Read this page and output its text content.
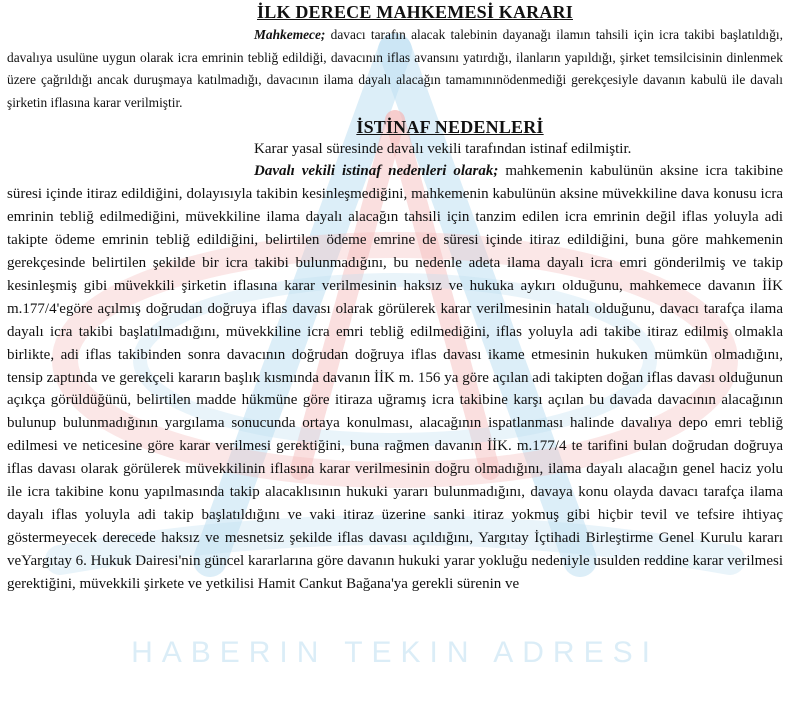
HABERIN TEKIN ADRESI
İLK DERECE MAHKEMESİ KARARI

Mahkemece; davacı tarafın alacak talebinin dayanağı ilamın tahsili için icra takibi başlatıldığı, davalıya usulüne uygun olarak icra emrinin tebliğ edildiği, davacının iflas avansını yatırdığı, ilanların yapıldığı, şirket temsilcisinin dinlenmek üzere çağrıldığı ancak duruşmaya katılmadığı, davacının ilama dayalı alacağın tamamınınödenmediği gerekçesiyle davanın kabulü ile davalı şirketin iflasına karar verilmiştir.

İSTİNAF NEDENLERİ

Karar yasal süresinde davalı vekili tarafından istinaf edilmiştir.

Davalı vekili istinaf nedenleri olarak; mahkemenin kabulünün aksine icra takibine süresi içinde itiraz edildiğini, dolayısıyla takibin kesinleşmediğini, mahkemenin kabulünün aksine müvekkiline dava konusu icra emrinin tebliğ edilmediğini, müvekkiline ilama dayalı alacağın tahsili için tanzim edilen icra emrinin değil iflas yoluyla adi takipte ödeme emrinin tebliğ edildiğini, belirtilen ödeme emrine de süresi içinde itiraz edildiğini, buna göre mahkemenin gerekçesinde belirtilen şekilde bir icra takibi bulunmadığını, bu nedenle adeta ilama dayalı icra emri gönderilmiş ve takip kesinleşmiş gibi müvekkili şirketin iflasına karar verilmesinin haksız ve hukuka aykırı olduğunu, mahkemece davanın İİK m.177/4'egöre açılmış doğrudan doğruya iflas davası olarak görülerek karar verilmesinin hatalı olduğunu, davacı tarafça ilama dayalı icra takibi başlatılmadığını, müvekkiline icra emri tebliğ edilmediğini, iflas yoluyla adi takibe itiraz edilmiş olmakla birlikte, adi iflas takibinden sonra davacının doğrudan doğruya iflas davası ikame etmesinin hukuken mümkün olmadığını, tensip zaptında ve gerekçeli kararın başlık kısmında davanın İİK m. 156 ya göre açılan adi takipten doğan iflas davası olduğunun açıkça görüldüğünü, belirtilen madde hükmüne göre itiraza uğramış icra takibine karşı açılan bu davada davacının alacağının bulunup bulunmadığının yargılama sonucunda ortaya konulması, alacağının ispatlanması halinde davalıya depo emri tebliğ edilmesi ve neticesine göre karar verilmesi gerektiğini, buna rağmen davanın İİK. m.177/4 te tarifini bulan doğrudan doğruya iflas davası olarak görülerek müvekkilinin iflasına karar verilmesinin doğru olmadığını, ilama dayalı alacağın genel haciz yolu ile icra takibine konu yapılmasında takip alacaklısının hukuki yararı bulunmadığını, davaya konu olayda davacı tarafça ilama dayalı iflas yoluyla adi takip başlatıldığını ve vaki itiraz üzerine sanki itiraz yokmuş gibi hiçbir tevil ve tefsire ihtiyaç göstermeyecek derecede haksız ve mesnetsiz şekilde iflas davası açıldığını, Yargıtay İçtihadi Birleştirme Genel Kurulu kararı veYargıtay 6. Hukuk Dairesi'nin güncel kararlarına göre davanın hukuki yarar yokluğu nedeniyle usulden reddine karar verilmesi gerektiğini, müvekkili şirkete ve yetkilisi Hamit Cankut Bağana'ya gerekli sürenin ve
